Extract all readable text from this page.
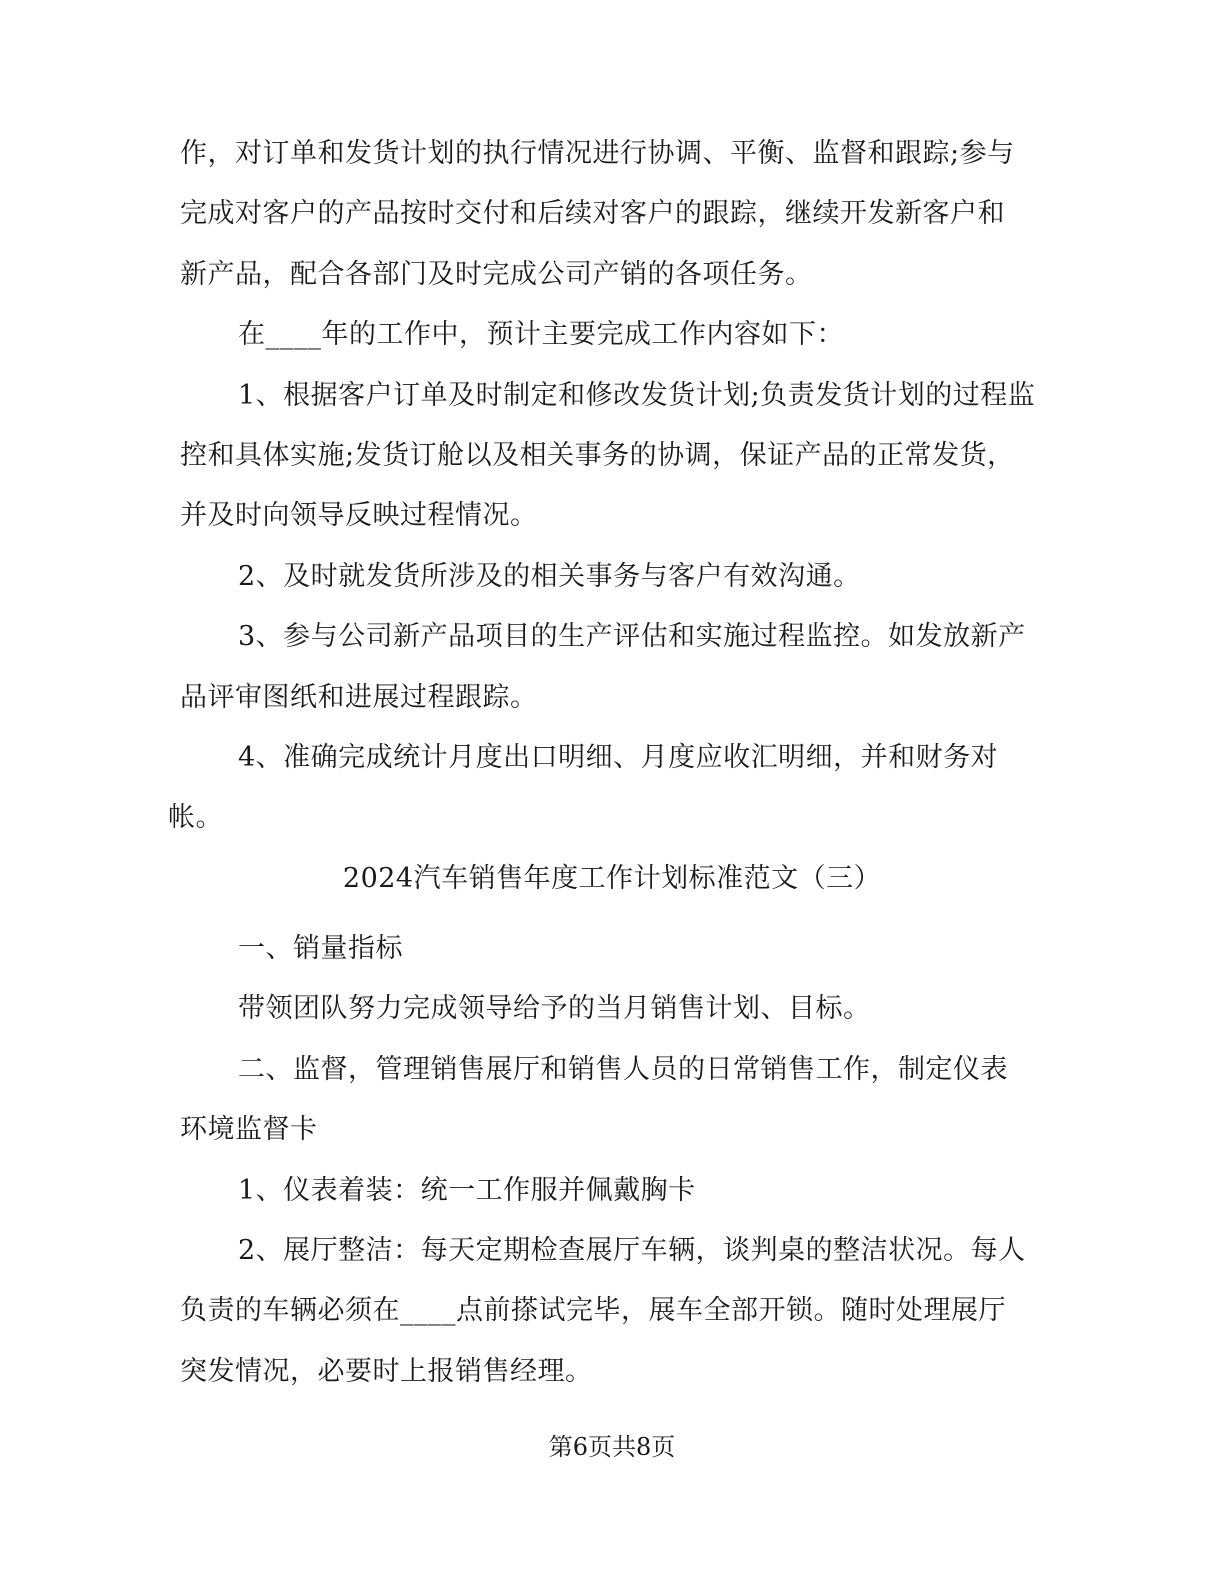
作，对订单和发货计划的执行情况进行协调、平衡、监督和跟踪;参与
完成对客户的产品按时交付和后续对客户的跟踪，继续开发新客户和
新产品，配合各部门及时完成公司产销的各项任务。
在____年的工作中，预计主要完成工作内容如下：
1、根据客户订单及时制定和修改发货计划;负责发货计划的过程监
控和具体实施;发货订舱以及相关事务的协调，保证产品的正常发货，
并及时向领导反映过程情况。
2、及时就发货所涉及的相关事务与客户有效沟通。
3、参与公司新产品项目的生产评估和实施过程监控。如发放新产
品评审图纸和进展过程跟踪。
4、准确完成统计月度出口明细、月度应收汇明细，并和财务对
帐。
2024汽车销售年度工作计划标准范文（三）
一、销量指标
带领团队努力完成领导给予的当月销售计划、目标。
二、监督，管理销售展厅和销售人员的日常销售工作，制定仪表
环境监督卡
1、仪表着装：统一工作服并佩戴胸卡
2、展厅整洁：每天定期检查展厅车辆，谈判桌的整洁状况。每人
负责的车辆必须在____点前搽试完毕，展车全部开锁。随时处理展厅
突发情况，必要时上报销售经理。
第6页共8页
